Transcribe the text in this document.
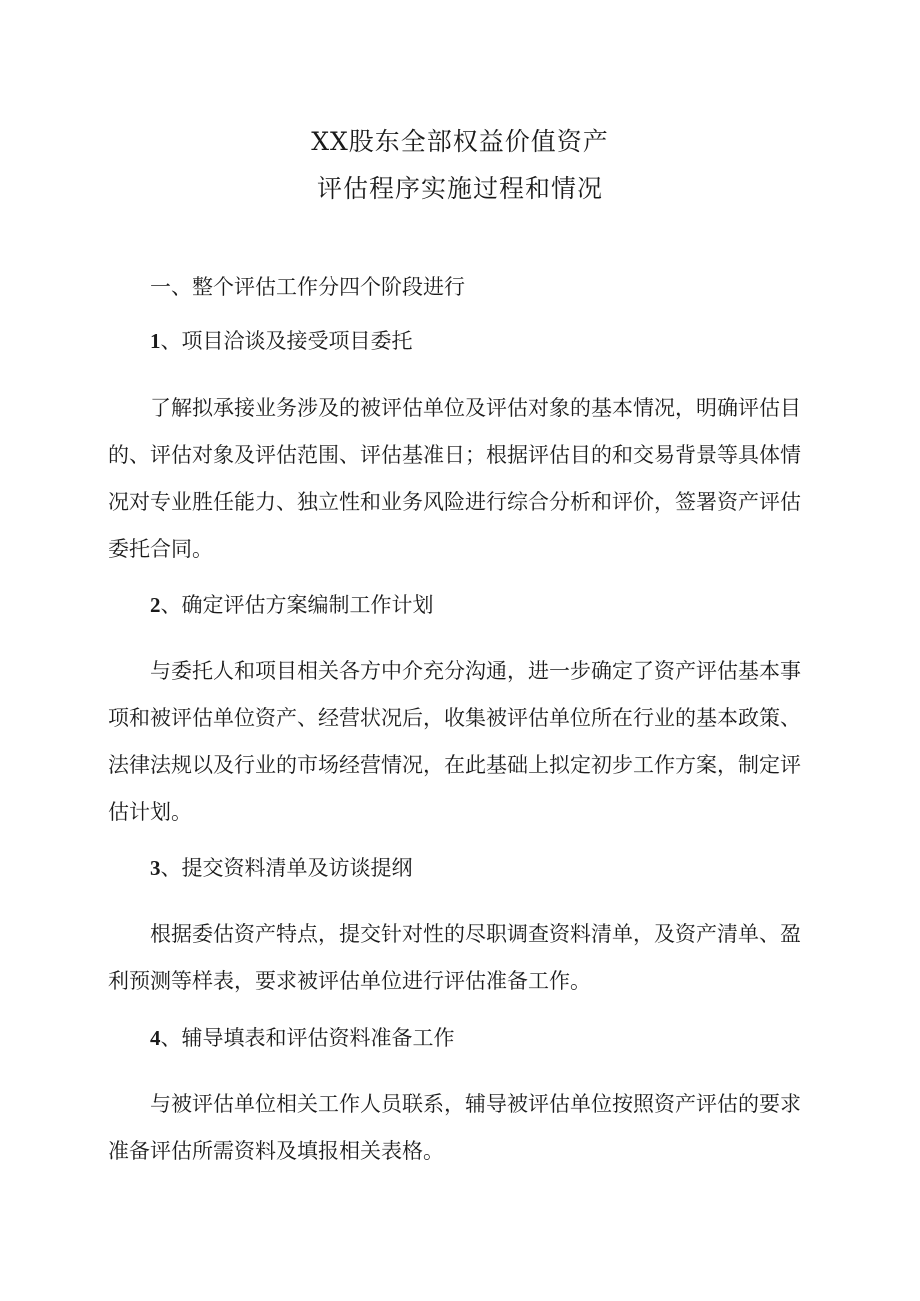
XX股东全部权益价值资产
评估程序实施过程和情况
一、整个评估工作分四个阶段进行
1、项目洽谈及接受项目委托
了解拟承接业务涉及的被评估单位及评估对象的基本情况，明确评估目
的、评估对象及评估范围、评估基准日；根据评估目的和交易背景等具体情
况对专业胜任能力、独立性和业务风险进行综合分析和评价，签署资产评估
委托合同。
2、确定评估方案编制工作计划
与委托人和项目相关各方中介充分沟通，进一步确定了资产评估基本事
项和被评估单位资产、经营状况后，收集被评估单位所在行业的基本政策、
法律法规以及行业的市场经营情况，在此基础上拟定初步工作方案，制定评
估计划。
3、提交资料清单及访谈提纲
根据委估资产特点，提交针对性的尽职调查资料清单，及资产清单、盈
利预测等样表，要求被评估单位进行评估准备工作。
4、辅导填表和评估资料准备工作
与被评估单位相关工作人员联系，辅导被评估单位按照资产评估的要求
准备评估所需资料及填报相关表格。
